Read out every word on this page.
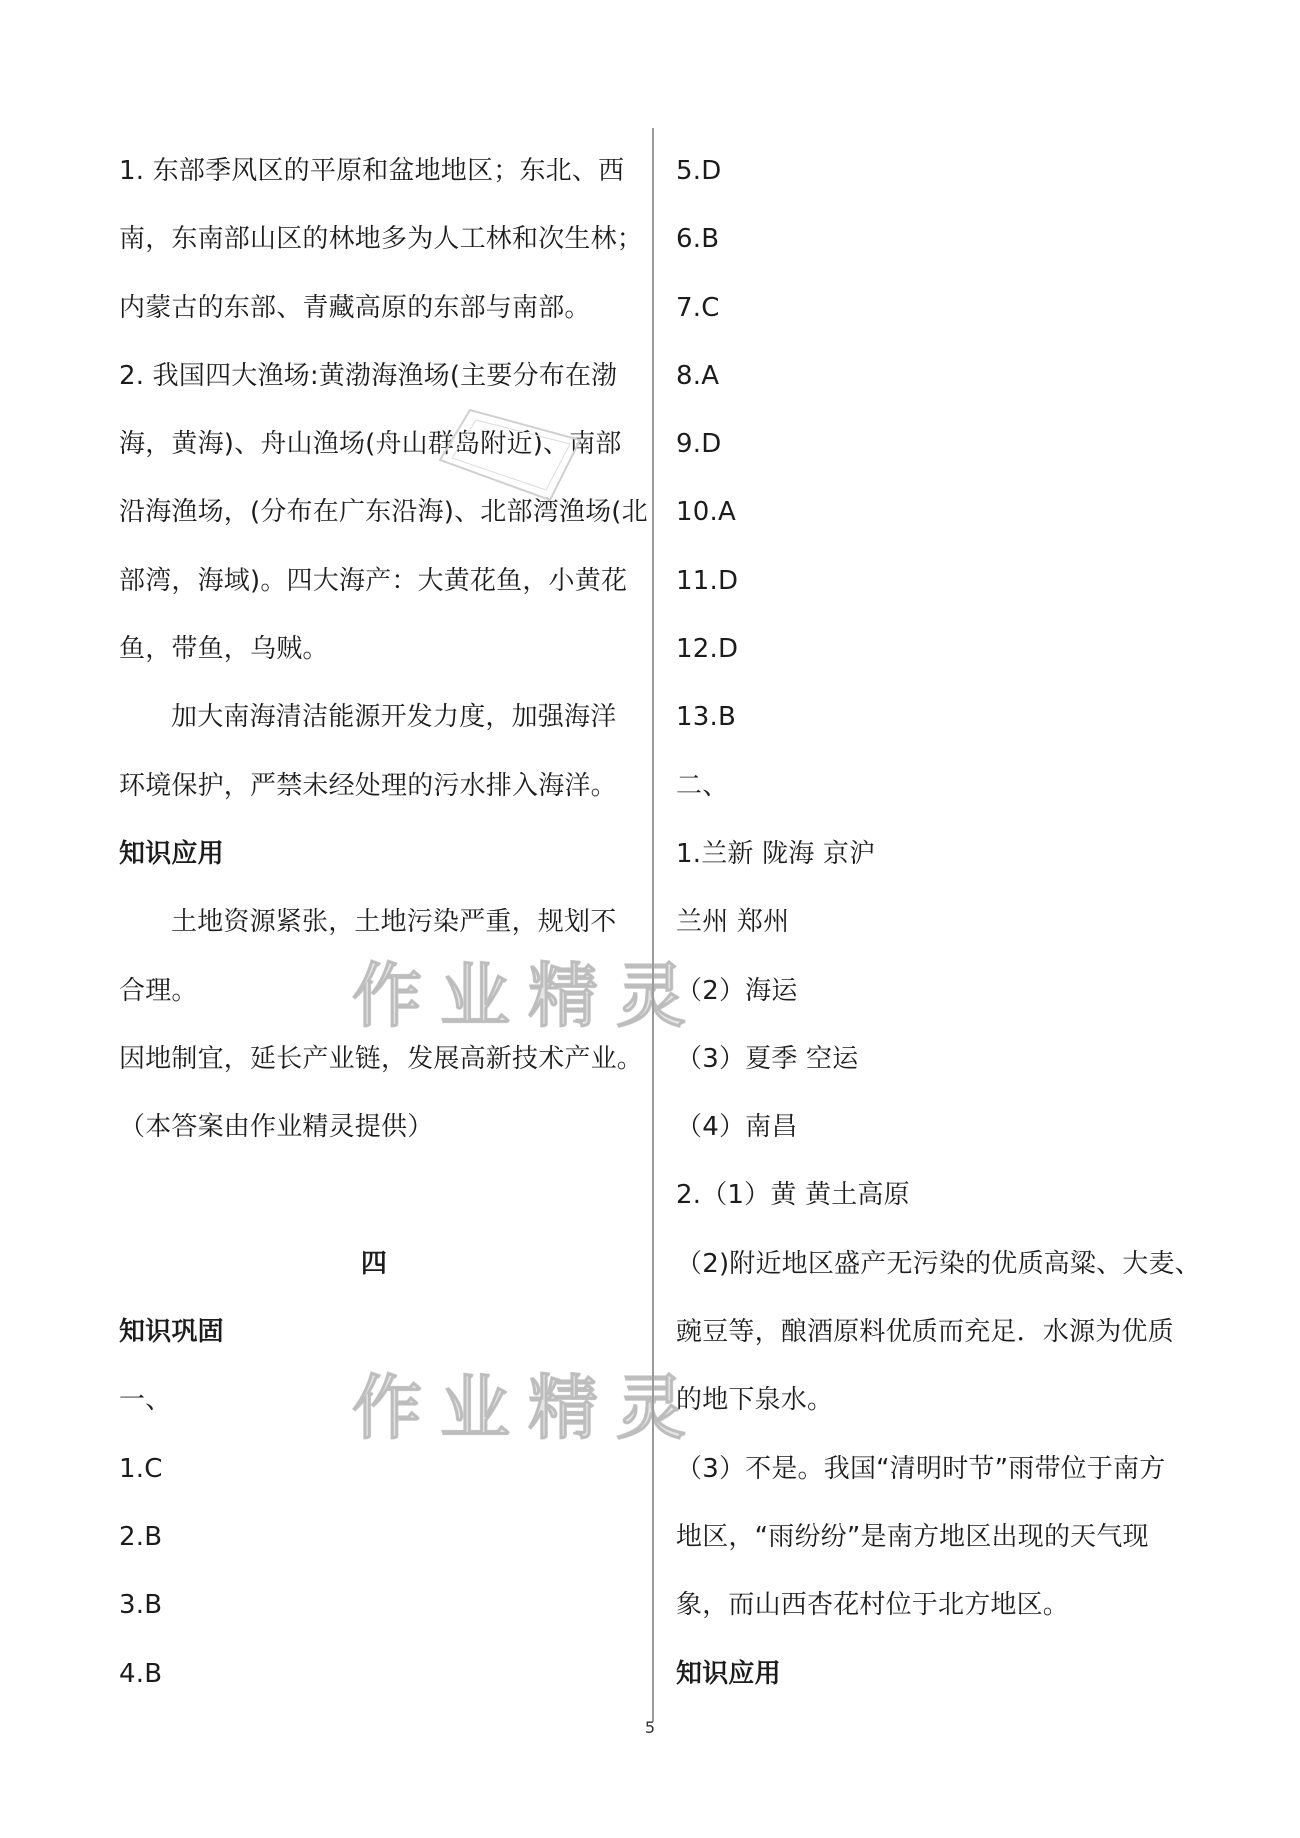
1. 东部季风区的平原和盆地地区；东北、西
南，东南部山区的林地多为人工林和次生林；
内蒙古的东部、青藏高原的东部与南部。
2. 我国四大渔场:黄渤海渔场(主要分布在渤
海，黄海)、舟山渔场(舟山群岛附近)、南部
沿海渔场，(分布在广东沿海)、北部湾渔场(北
部湾，海域)。四大海产：大黄花鱼，小黄花
鱼，带鱼，乌贼。
加大南海清洁能源开发力度，加强海洋
环境保护，严禁未经处理的污水排入海洋。
知识应用
土地资源紧张，土地污染严重，规划不
合理。
因地制宜，延长产业链，发展高新技术产业。
（本答案由作业精灵提供）
四
知识巩固
一、
1.C
2.B
3.B
4.B
5.D
6.B
7.C
8.A
9.D
10.A
11.D
12.D
13.B
二、
1.兰新 陇海 京沪
兰州 郑州
（2）海运
（3）夏季 空运
（4）南昌
2.（1）黄 黄土高原
（2)附近地区盛产无污染的优质高粱、大麦、
豌豆等，酿酒原料优质而充足．水源为优质
的地下泉水。
（3）不是。我国“清明时节”雨带位于南方
地区，“雨纷纷”是南方地区出现的天气现
象，而山西杏花村位于北方地区。
知识应用
作业精灵
作业精灵
5
